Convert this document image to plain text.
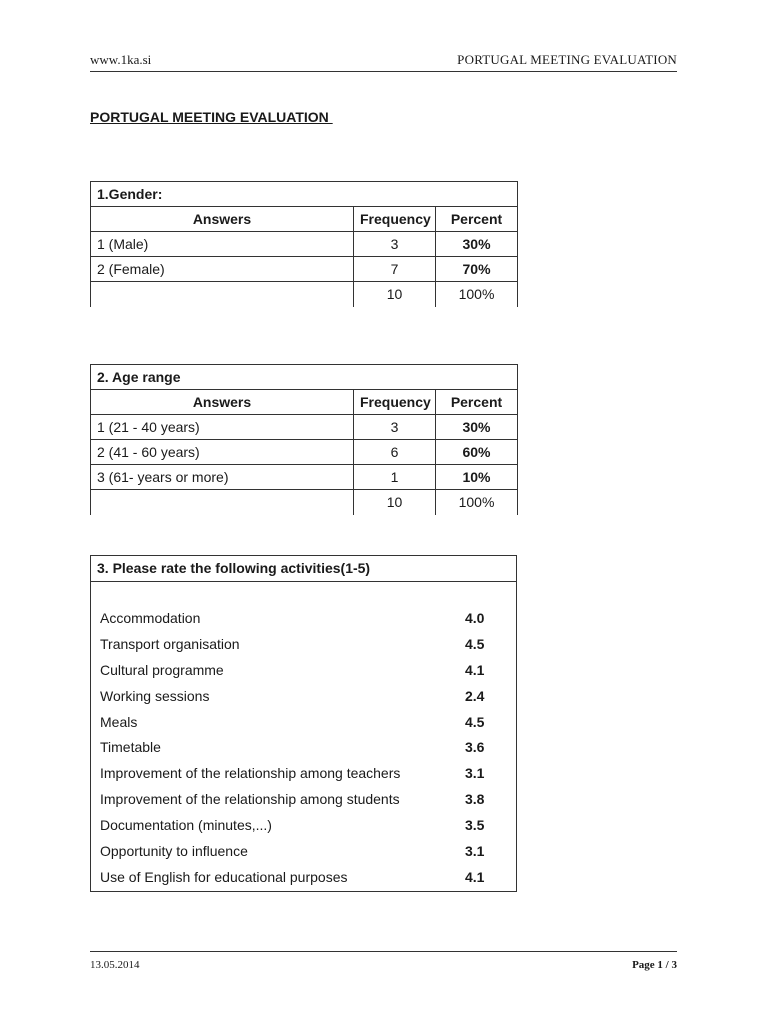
www.1ka.si	PORTUGAL MEETING EVALUATION
PORTUGAL MEETING EVALUATION
1.Gender:		
Answers	Frequency	Percent
1 (Male)	3	30%
2 (Female)	7	70%
	10	100%
2. Age range		
Answers	Frequency	Percent
1 (21 - 40 years)	3	30%
2 (41 - 60 years)	6	60%
3 (61- years or more)	1	10%
	10	100%
3. Please rate the following activities(1-5)
Accommodation	4.0
Transport organisation	4.5
Cultural programme	4.1
Working sessions	2.4
Meals	4.5
Timetable	3.6
Improvement of the relationship among teachers	3.1
Improvement of the relationship among students	3.8
Documentation (minutes,...)	3.5
Opportunity to influence	3.1
Use of English for educational purposes	4.1
13.05.2014	Page 1 / 3
